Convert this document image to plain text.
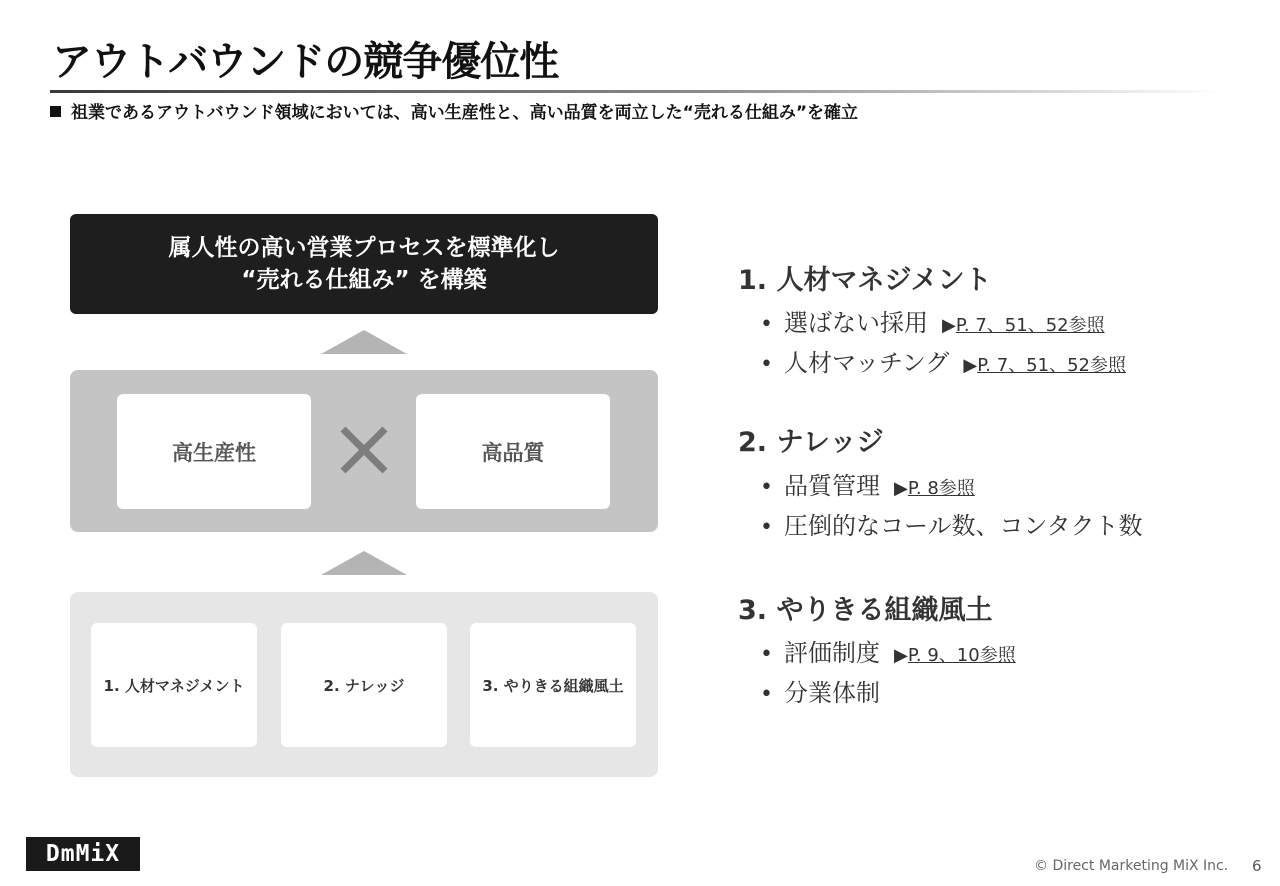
アウトバウンドの競争優位性
祖業であるアウトバウンド領域においては、高い生産性と、高い品質を両立した“売れる仕組み”を確立
属人性の高い営業プロセスを標準化し
“売れる仕組み” を構築
高生産性	高品質
1. 人材マネジメント	2. ナレッジ	3. やりきる組織風土
1. 人材マネジメント
• 選ばない採用 ▶P. 7、51、52参照
• 人材マッチング ▶P. 7、51、52参照
2. ナレッジ
• 品質管理 ▶P. 8参照
• 圧倒的なコール数、コンタクト数
3. やりきる組織風土
• 評価制度 ▶P. 9、10参照
• 分業体制
DmMiX	© Direct Marketing MiX Inc. 6
